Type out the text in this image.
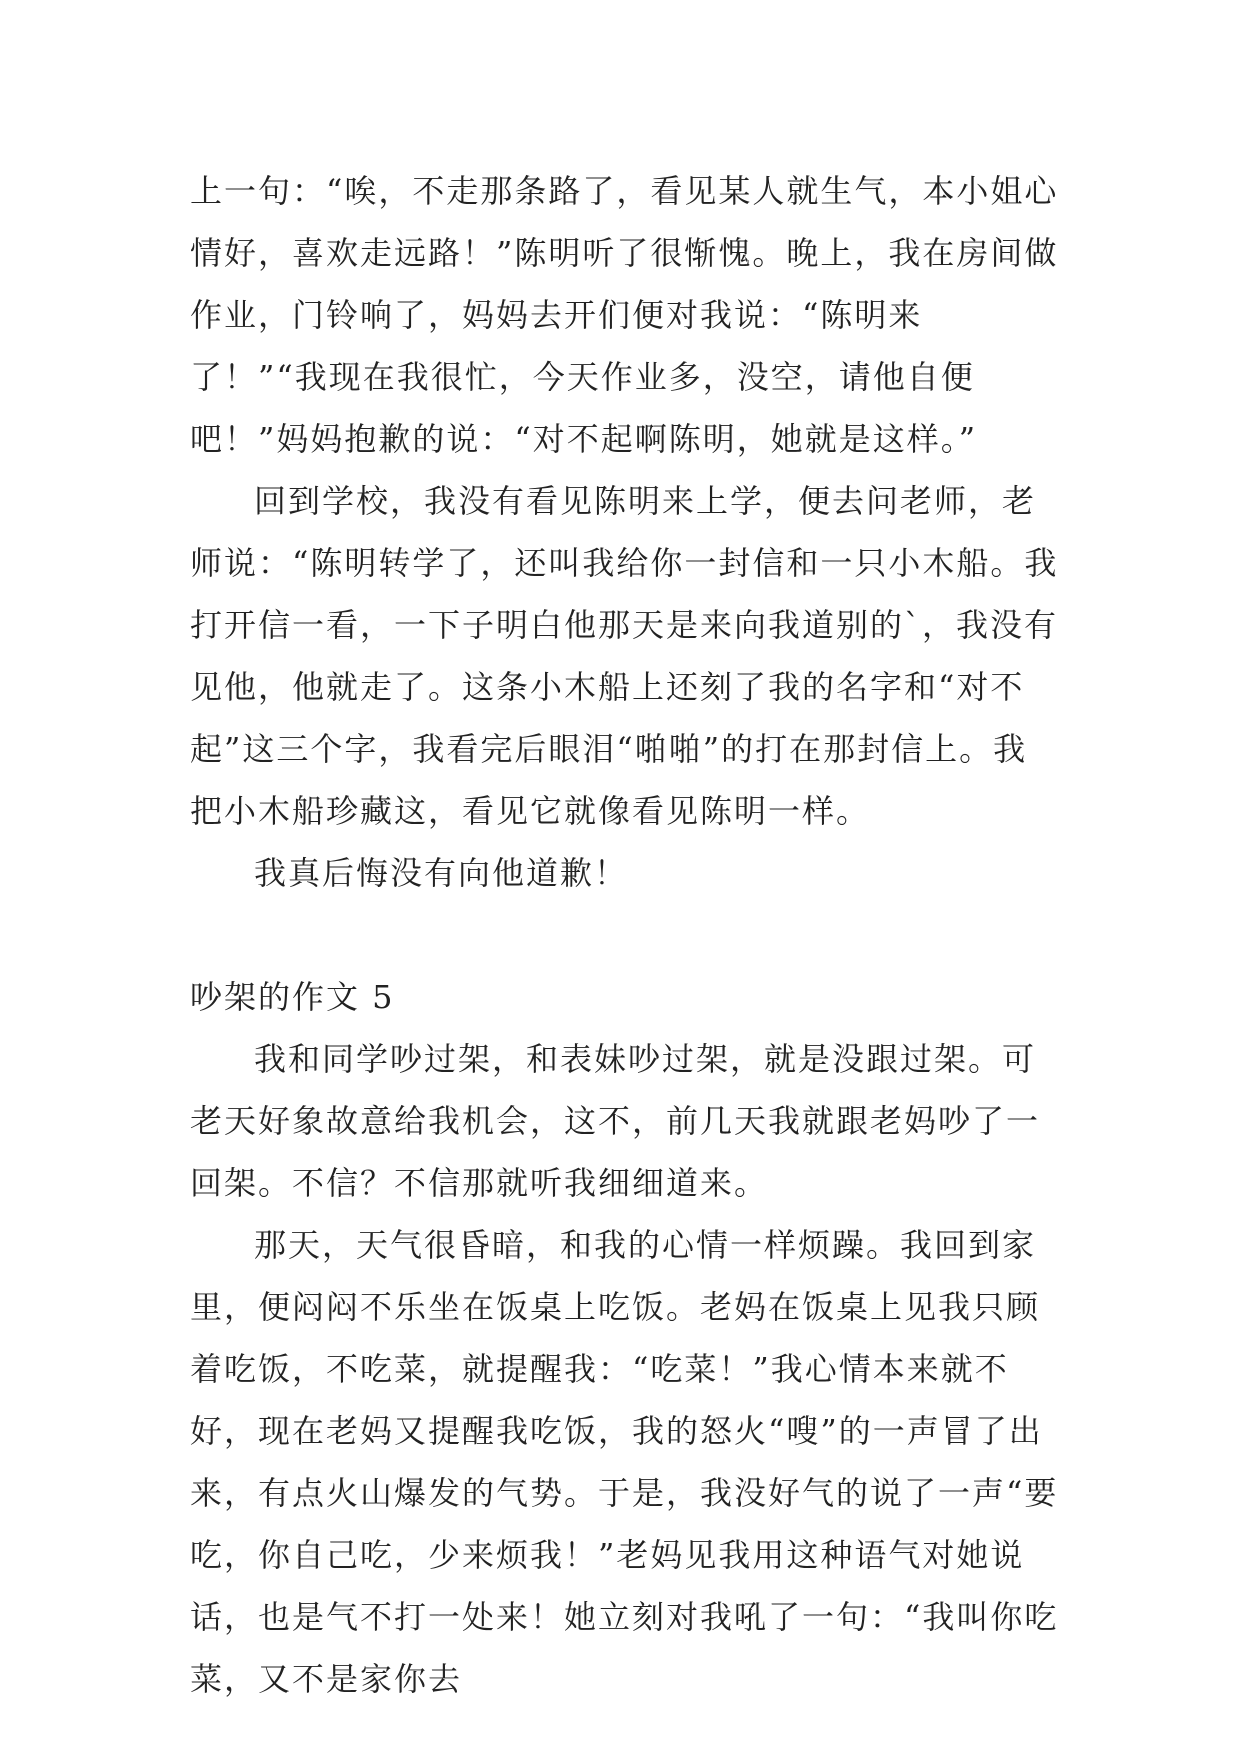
上一句：“唉，不走那条路了，看见某人就生气，本小姐心情好，喜欢走远路！”陈明听了很惭愧。晚上，我在房间做作业，门铃响了，妈妈去开们便对我说：“陈明来了！”“我现在我很忙，今天作业多，没空，请他自便吧！”妈妈抱歉的说：“对不起啊陈明，她就是这样。”

回到学校，我没有看见陈明来上学，便去问老师，老师说：“陈明转学了，还叫我给你一封信和一只小木船。我打开信一看，一下子明白他那天是来向我道别的`，我没有见他，他就走了。这条小木船上还刻了我的名字和“对不起”这三个字，我看完后眼泪“啪啪”的打在那封信上。我把小木船珍藏这，看见它就像看见陈明一样。

我真后悔没有向他道歉！

吵架的作文 5

我和同学吵过架，和表妹吵过架，就是没跟过架。可老天好象故意给我机会，这不，前几天我就跟老妈吵了一回架。不信？不信那就听我细细道来。

那天，天气很昏暗，和我的心情一样烦躁。我回到家里，便闷闷不乐坐在饭桌上吃饭。老妈在饭桌上见我只顾着吃饭，不吃菜，就提醒我：“吃菜！”我心情本来就不好，现在老妈又提醒我吃饭，我的怒火“嗖”的一声冒了出来，有点火山爆发的气势。于是，我没好气的说了一声“要吃，你自己吃，少来烦我！”老妈见我用这种语气对她说话，也是气不打一处来！她立刻对我吼了一句：“我叫你吃菜，又不是家你去
